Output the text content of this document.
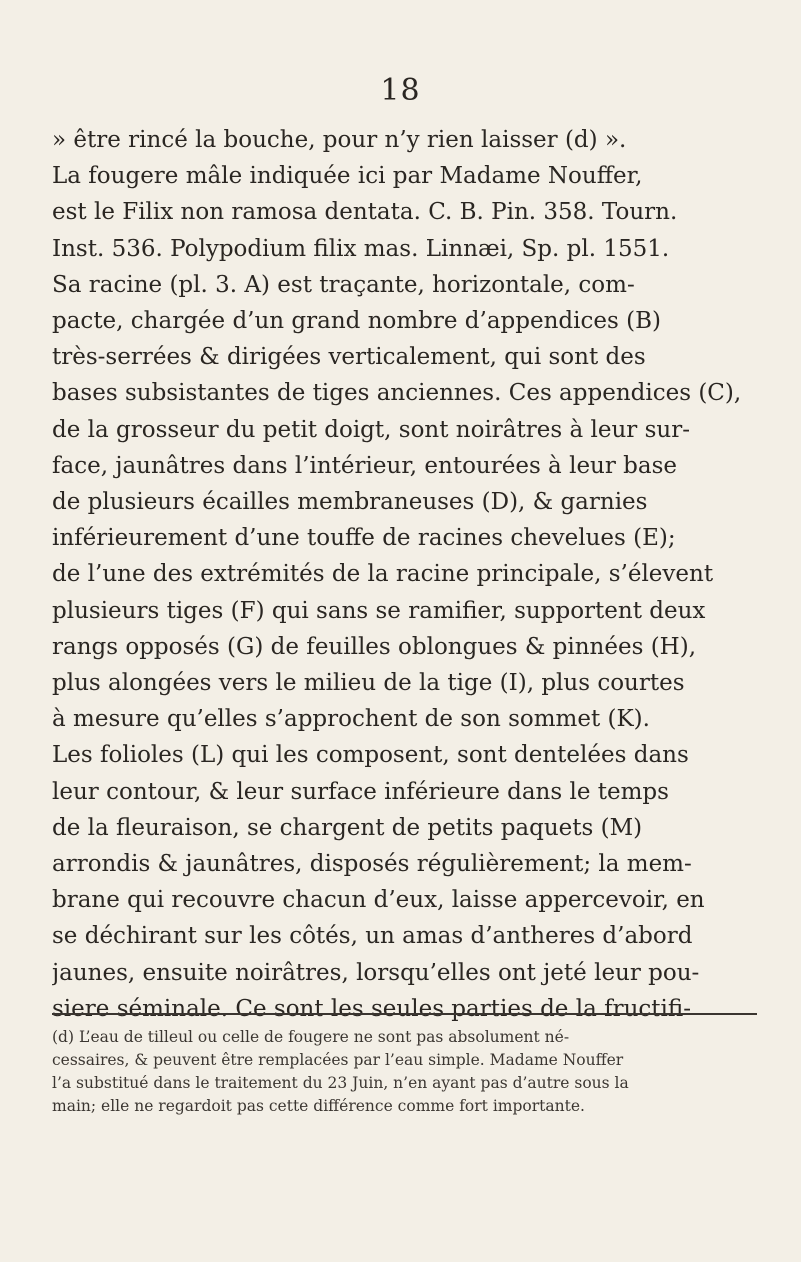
18
» être rincé la bouche, pour n’y rien laisser (d) ».
La fougere mâle indiquée ici par Madame Nouffer,
est le Filix non ramosa dentata. C. B. Pin. 358. Tourn.
Inst. 536. Polypodium filix mas. Linnæi, Sp. pl. 1551.
Sa racine (pl. 3. A) est traçante, horizontale, com-
pacte, chargée d’un grand nombre d’appendices (B)
très-serrées & dirigées verticalement, qui sont des
bases subsistantes de tiges anciennes. Ces appendices (C),
de la grosseur du petit doigt, sont noirâtres à leur sur-
face, jaunâtres dans l’intérieur, entourées à leur base
de plusieurs écailles membraneuses (D), & garnies
inférieurement d’une touffe de racines chevelues (E);
de l’une des extrémités de la racine principale, s’élevent
plusieurs tiges (F) qui sans se ramifier, supportent deux
rangs opposés (G) de feuilles oblongues & pinnées (H),
plus alongées vers le milieu de la tige (I), plus courtes
à mesure qu’elles s’approchent de son sommet (K).
Les folioles (L) qui les composent, sont dentelées dans
leur contour, & leur surface inférieure dans le temps
de la fleuraison, se chargent de petits paquets (M)
arrondis & jaunâtres, disposés régulièrement; la mem-
brane qui recouvre chacun d’eux, laisse appercevoir, en
se déchirant sur les côtés, un amas d’antheres d’abord
jaunes, ensuite noirâtres, lorsqu’elles ont jeté leur pou-
siere séminale. Ce sont les seules parties de la fructifi-
(d) L’eau de tilleul ou celle de fougere ne sont pas absolument né-
cessaires, & peuvent être remplacées par l’eau simple. Madame Nouffer
l’a substitué dans le traitement du 23 Juin, n’en ayant pas d’autre sous la
main; elle ne regardoit pas cette différence comme fort importante.
